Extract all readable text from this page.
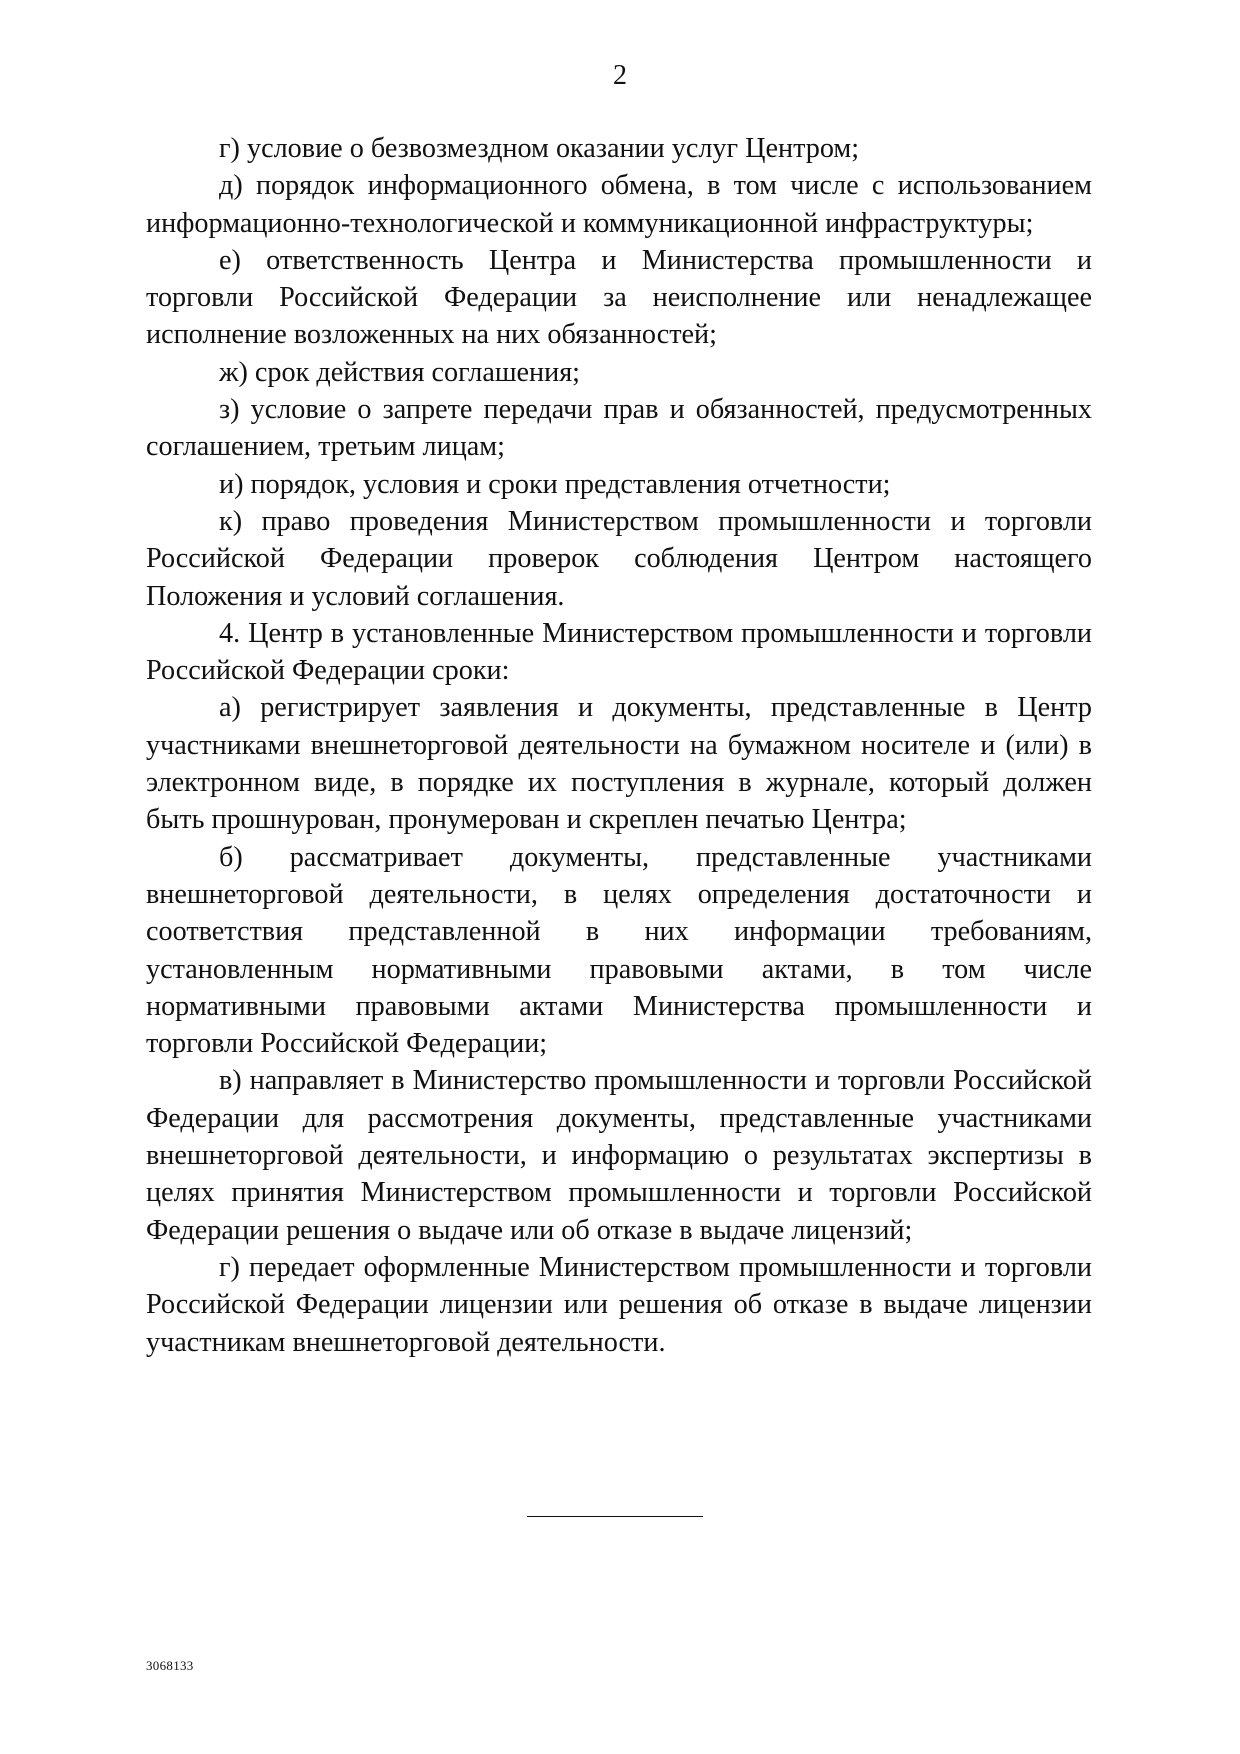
2

г) условие о безвозмездном оказании услуг Центром;

д) порядок информационного обмена, в том числе с использованием информационно-технологической и коммуникационной инфраструктуры;

е) ответственность Центра и Министерства промышленности и торговли Российской Федерации за неисполнение или ненадлежащее исполнение возложенных на них обязанностей;

ж) срок действия соглашения;

з) условие о запрете передачи прав и обязанностей, предусмотренных соглашением, третьим лицам;

и) порядок, условия и сроки представления отчетности;

к) право проведения Министерством промышленности и торговли Российской Федерации проверок соблюдения Центром настоящего Положения и условий соглашения.

4. Центр в установленные Министерством промышленности и торговли Российской Федерации сроки:

а) регистрирует заявления и документы, представленные в Центр участниками внешнеторговой деятельности на бумажном носителе и (или) в электронном виде, в порядке их поступления в журнале, который должен быть прошнурован, пронумерован и скреплен печатью Центра;

б) рассматривает документы, представленные участниками внешнеторговой деятельности, в целях определения достаточности и соответствия представленной в них информации требованиям, установленным нормативными правовыми актами, в том числе нормативными правовыми актами Министерства промышленности и торговли Российской Федерации;

в) направляет в Министерство промышленности и торговли Российской Федерации для рассмотрения документы, представленные участниками внешнеторговой деятельности, и информацию о результатах экспертизы в целях принятия Министерством промышленности и торговли Российской Федерации решения о выдаче или об отказе в выдаче лицензий;

г) передает оформленные Министерством промышленности и торговли Российской Федерации лицензии или решения об отказе в выдаче лицензии участникам внешнеторговой деятельности.

3068133
